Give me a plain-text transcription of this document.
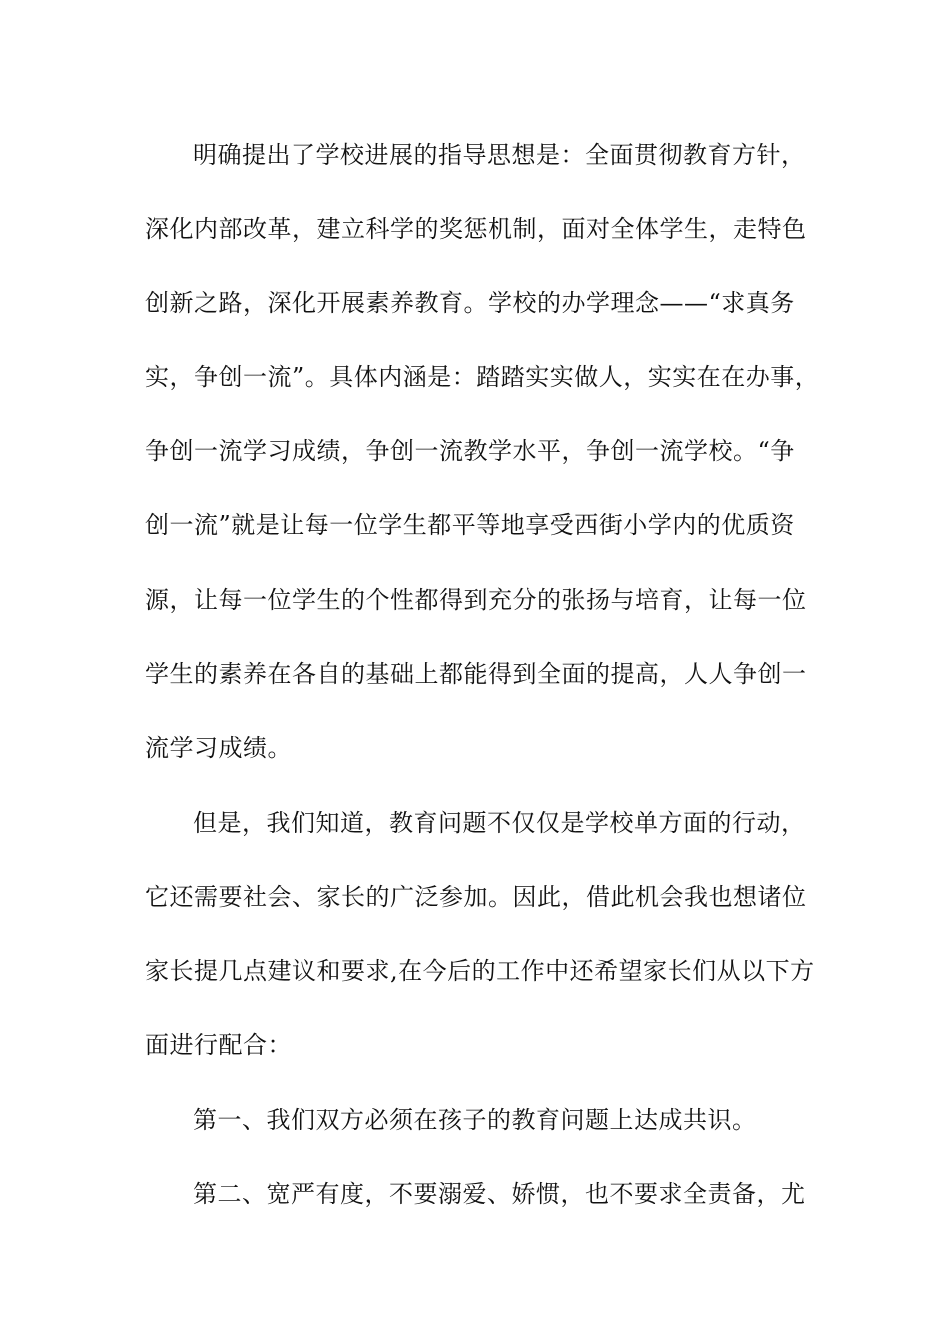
明确提出了学校进展的指导思想是：全面贯彻教育方针，
深化内部改革，建立科学的奖惩机制，面对全体学生，走特色
创新之路，深化开展素养教育。学校的办学理念——“求真务
实，争创一流”。具体内涵是：踏踏实实做人，实实在在办事，
争创一流学习成绩，争创一流教学水平，争创一流学校。“争
创一流”就是让每一位学生都平等地享受西街小学内的优质资
源，让每一位学生的个性都得到充分的张扬与培育，让每一位
学生的素养在各自的基础上都能得到全面的提高，人人争创一
流学习成绩。
但是，我们知道，教育问题不仅仅是学校单方面的行动，
它还需要社会、家长的广泛参加。因此，借此机会我也想诸位
家长提几点建议和要求,在今后的工作中还希望家长们从以下方
面进行配合：
第一、我们双方必须在孩子的教育问题上达成共识。
第二、宽严有度，不要溺爱、娇惯，也不要求全责备，尤
